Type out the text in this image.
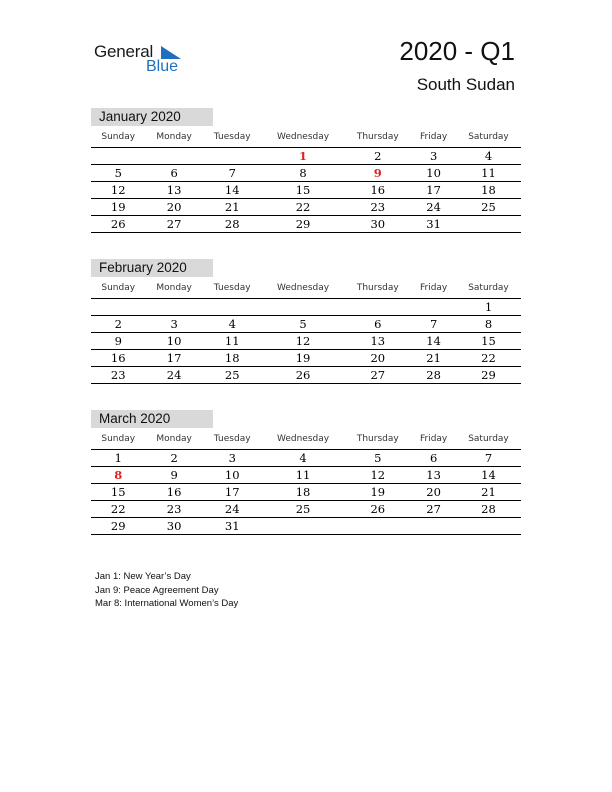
General
Blue
2020 - Q1
South Sudan
January 2020
Sunday	Monday	Tuesday	Wednesday	Thursday	Friday	Saturday
			1	2	3	4
5	6	7	8	9	10	11
12	13	14	15	16	17	18
19	20	21	22	23	24	25
26	27	28	29	30	31	
February 2020
Sunday	Monday	Tuesday	Wednesday	Thursday	Friday	Saturday
						1
2	3	4	5	6	7	8
9	10	11	12	13	14	15
16	17	18	19	20	21	22
23	24	25	26	27	28	29
March 2020
Sunday	Monday	Tuesday	Wednesday	Thursday	Friday	Saturday
1	2	3	4	5	6	7
8	9	10	11	12	13	14
15	16	17	18	19	20	21
22	23	24	25	26	27	28
29	30	31				
Jan 1: New Year’s Day
Jan 9: Peace Agreement Day
Mar 8: International Women’s Day
